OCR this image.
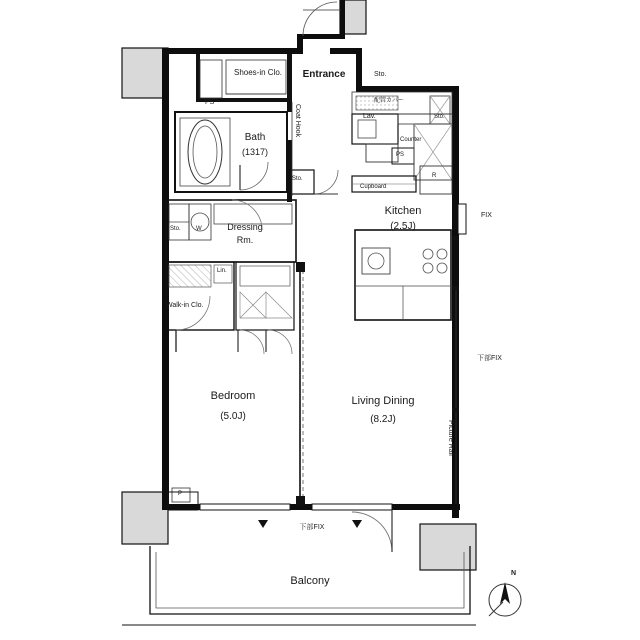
Living Dining
(8.2J)
Bedroom
(5.0J)
Kitchen
(2.5J)
Bath
(1317)
Dressing
Rm.
Balcony
Entrance
Shoes-in Clo.
PS
Sto.
Coat Hook	Lav.	Sto.
配管カバー
Counter
PS
Cupboard
R
Sto.
Sto.	W
Lin.
Walk-in Clo.
P
FIX
下部FIX
Picture Rail
下部FIX
N
